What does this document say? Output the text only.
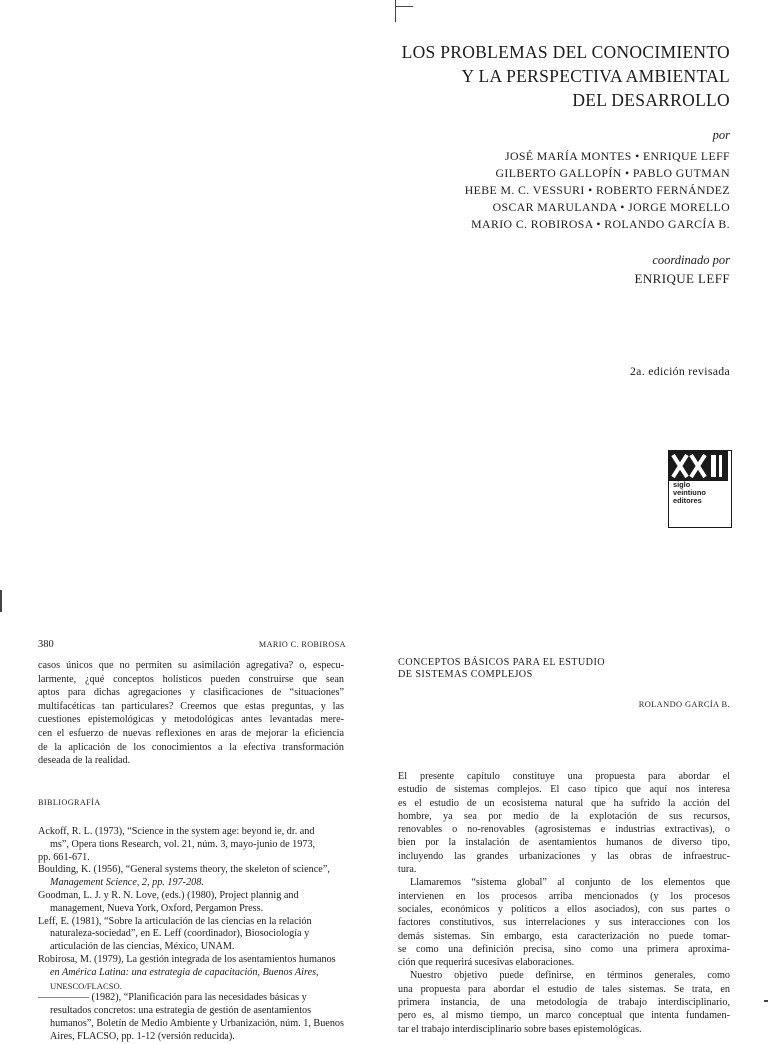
LOS PROBLEMAS DEL CONOCIMIENTO
Y LA PERSPECTIVA AMBIENTAL
DEL DESARROLLO
por
JOSÉ MARÍA MONTES • ENRIQUE LEFF
GILBERTO GALLOPÍN • PABLO GUTMAN
HEBE M. C. VESSURI • ROBERTO FERNÁNDEZ
OSCAR MARULANDA • JORGE MORELLO
MARIO C. ROBIROSA • ROLANDO GARCÍA B.
coordinado por
ENRIQUE LEFF
2a. edición revisada
siglo
veintiuno
editores
380	MARIO C. ROBIROSA
casos únicos que no permiten su asimilación agregativa? o, especu-
larmente, ¿qué conceptos holísticos pueden construirse que sean
aptos para dichas agregaciones y clasificaciones de “situaciones”
multifacéticas tan particulares? Creemos que estas preguntas, y las
cuestiones epistemológicas y metodológicas antes levantadas mere-
cen el esfuerzo de nuevas reflexiones en aras de mejorar la eficiencia
de la aplicación de los conocimientos a la efectiva transformación
deseada de la realidad.
BIBLIOGRAFÍA
Ackoff, R. L. (1973), “Science in the system age: beyond ie, dr. and
ms”, Opera tions Research, vol. 21, núm. 3, mayo-junio de 1973,
pp. 661-671.
Boulding, K. (1956), “General systems theory, the skeleton of science”,
Management Science, 2, pp. 197-208.
Goodman, L. J. y R. N. Love, (eds.) (1980), Project plannig and
management, Nueva York, Oxford, Pergamon Press.
Leff, E. (1981), “Sobre la articulación de las ciencias en la relación
naturaleza-sociedad”, en E. Leff (coordinador), Biosociología y
articulación de las ciencias, México, UNAM.
Robirosa, M. (1979), La gestión integrada de los asentamientos humanos
en América Latina: una estrategia de capacitación, Buenos Aires,
UNESCO/FLACSO.
————— (1982), “Planificación para las necesidades básicas y
resultados concretos: una estrategia de gestión de asentamientos
humanos”, Boletín de Medio Ambiente y Urbanización, núm. 1, Buenos
Aires, FLACSO, pp. 1-12 (versión reducida).
CONCEPTOS BÁSICOS PARA EL ESTUDIO
DE SISTEMAS COMPLEJOS
ROLANDO GARCÍA B.
El presente capítulo constituye una propuesta para abordar el
estudio de sistemas complejos. El caso típico que aquí nos interesa
es el estudio de un ecosistema natural que ha sufrido la acción del
hombre, ya sea por medio de la explotación de sus recursos,
renovables o no-renovables (agrosistemas e industrias extractivas), o
bien por la instalación de asentamientos humanos de diverso tipo,
incluyendo las grandes urbanizaciones y las obras de infraestruc-
tura.
Llamaremos “sistema global” al conjunto de los elementos que
intervienen en los procesos arriba mencionados (y los procesos
sociales, económicos y políticos a ellos asociados), con sus partes o
factores constitutivos, sus interrelaciones y sus interacciones con los
demás sistemas. Sin embargo, esta caracterización no puede tomar-
se como una definición precisa, sino como una primera aproxima-
ción que requerirá sucesivas elaboraciones.
Nuestro objetivo puede definirse, en términos generales, como
una propuesta para abordar el estudio de tales sistemas. Se trata, en
primera instancia, de una metodología de trabajo interdisciplinario,
pero es, al mismo tiempo, un marco conceptual que intenta fundamen-
tar el trabajo interdisciplinario sobre bases epistemológicas.
